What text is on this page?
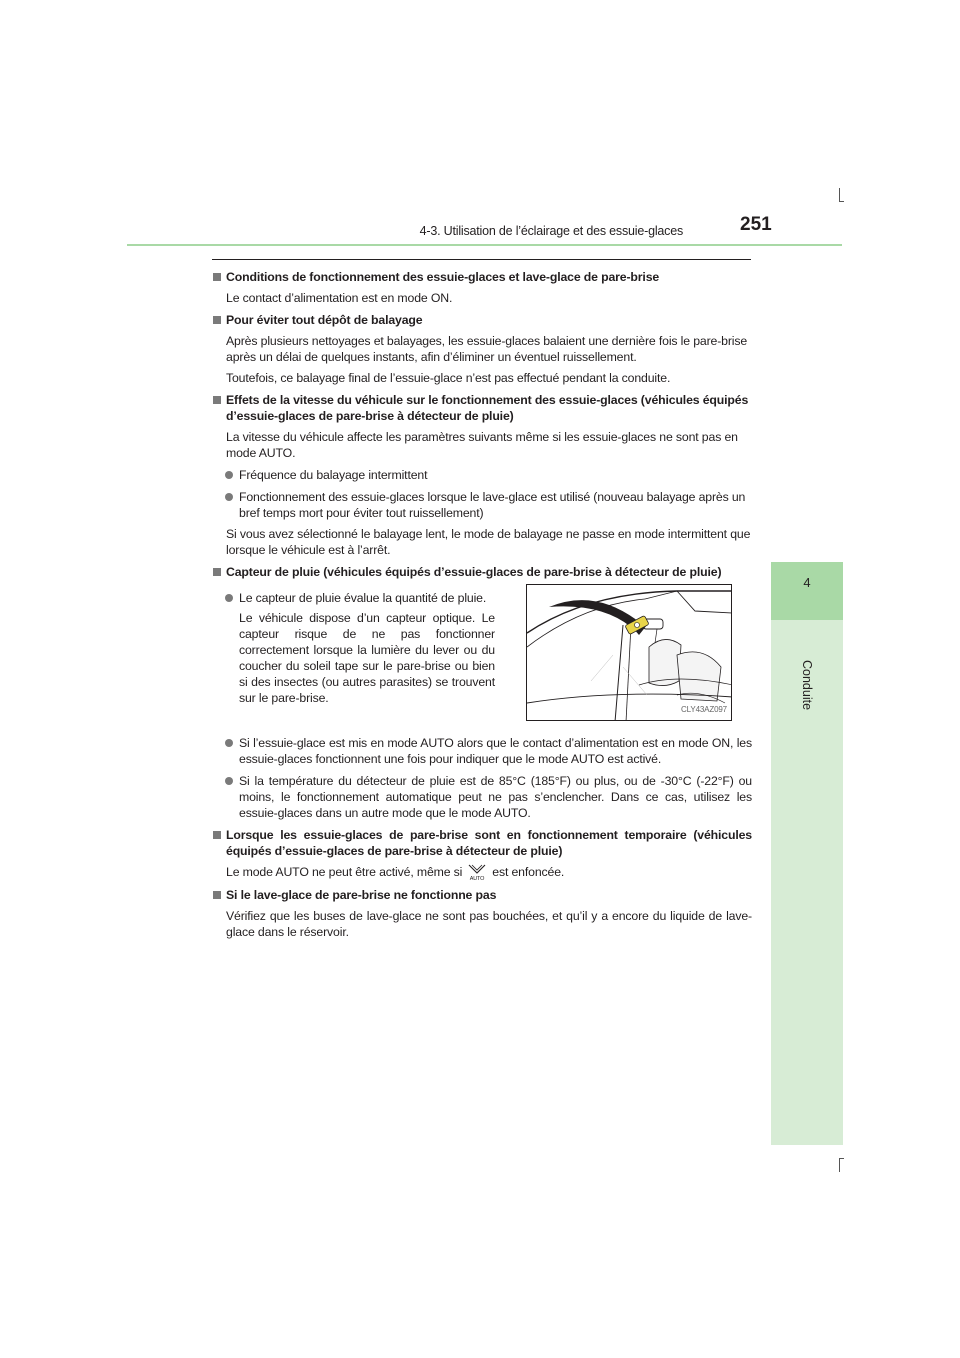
4-3. Utilisation de l’éclairage et des essuie-glaces	251
4
Conduite
Conditions de fonctionnement des essuie-glaces et lave-glace de pare-brise
Le contact d’alimentation est en mode ON.
Pour éviter tout dépôt de balayage
Après plusieurs nettoyages et balayages, les essuie-glaces balaient une dernière fois le pare-brise après un délai de quelques instants, afin d’éliminer un éventuel ruissellement.
Toutefois, ce balayage final de l’essuie-glace n’est pas effectué pendant la conduite.
Effets de la vitesse du véhicule sur le fonctionnement des essuie-glaces (véhicules équipés d’essuie-glaces de pare-brise à détecteur de pluie)
La vitesse du véhicule affecte les paramètres suivants même si les essuie-glaces ne sont pas en mode AUTO.
Fréquence du balayage intermittent
Fonctionnement des essuie-glaces lorsque le lave-glace est utilisé (nouveau balayage après un bref temps mort pour éviter tout ruissellement)
Si vous avez sélectionné le balayage lent, le mode de balayage ne passe en mode intermittent que lorsque le véhicule est à l’arrêt.
Capteur de pluie (véhicules équipés d’essuie-glaces de pare-brise à détecteur de pluie)
Le capteur de pluie évalue la quantité de pluie.
Le véhicule dispose d’un capteur optique. Le capteur risque de ne pas fonctionner correctement lorsque la lumière du lever ou du coucher du soleil tape sur le pare-brise ou bien si des insectes (ou autres parasites) se trouvent sur le pare-brise.
CLY43AZ097
Si l’essuie-glace est mis en mode AUTO alors que le contact d’alimentation est en mode ON, les essuie-glaces fonctionnent une fois pour indiquer que le mode AUTO est activé.
Si la température du détecteur de pluie est de 85°C (185°F) ou plus, ou de -30°C (-22°F) ou moins, le fonctionnement automatique peut ne pas s’enclencher. Dans ce cas, utilisez les essuie-glaces dans un autre mode que le mode AUTO.
Lorsque les essuie-glaces de pare-brise sont en fonctionnement temporaire (véhicules équipés d’essuie-glaces de pare-brise à détecteur de pluie)
Le mode AUTO ne peut être activé, même si AUTO est enfoncée.
Si le lave-glace de pare-brise ne fonctionne pas
Vérifiez que les buses de lave-glace ne sont pas bouchées, et qu’il y a encore du liquide de lave-glace dans le réservoir.
